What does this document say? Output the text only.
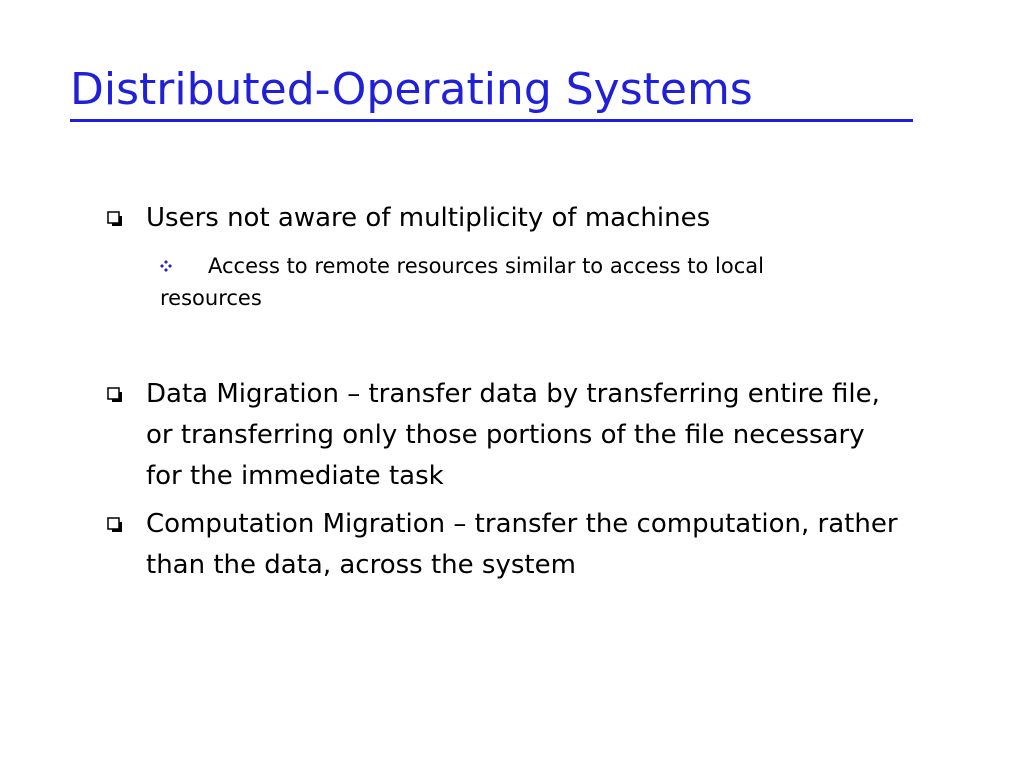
Distributed-Operating Systems
Users not aware of multiplicity of machines
Access to remote resources similar to access to local resources
Data Migration – transfer data by transferring entire file, or transferring only those portions of the file necessary for the immediate task
Computation Migration – transfer the computation, rather than the data, across the system
